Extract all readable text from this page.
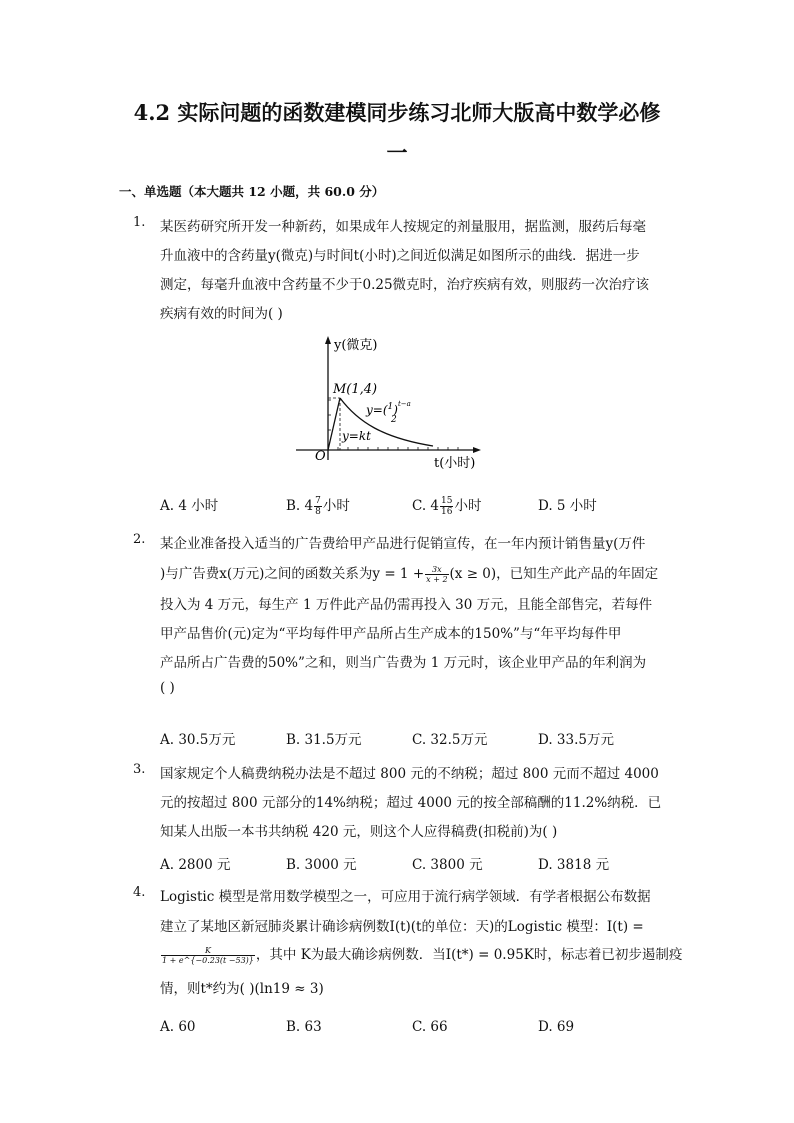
4.2 实际问题的函数建模同步练习北师大版高中数学必修
一
一、单选题（本大题共 12 小题，共 60.0 分）
1.	某医药研究所开发一种新药，如果成年人按规定的剂量服用，据监测，服药后每毫
升血液中的含药量y(微克)与时间t(小时)之间近似满足如图所示的曲线．据进一步
测定，每毫升血液中含药量不少于0.25微克时，治疗疾病有效，则服药一次治疗该
疾病有效的时间为( )
y(微克)
M(1,4)
$y=(^1)^{t-a}$
2
y=kt
O	t(小时)
A. 4 小时	B. $4 \frac{7}{8}$ 小时	C. $4 \frac{15}{16}$ 小时	D. 5 小时
2.	某企业准备投入适当的广告费给甲产品进行促销宣传，在一年内预计销售量y(万件
)与广告费x(万元)之间的函数关系为$y = 1 + \frac{3x}{x + 2} (x \ge 0)$，已知生产此产品的年固定
投入为 4 万元，每生产 1 万件此产品仍需再投入 30 万元，且能全部售完，若每件
甲产品售价(元)定为“平均每件甲产品所占生产成本的150%”与“年平均每件甲
产品所占广告费的50%”之和，则当广告费为 1 万元时，该企业甲产品的年利润为
( )
A. 30.5万元	B. 31.5万元	C. 32.5万元	D. 33.5万元
3.	国家规定个人稿费纳税办法是不超过 800 元的不纳税；超过 800 元而不超过 4000
元的按超过 800 元部分的14%纳税；超过 4000 元的按全部稿酬的11.2%纳税．已
知某人出版一本书共纳税 420 元，则这个人应得稿费(扣税前)为( )
A. 2800 元	B. 3000 元	C. 3800 元	D. 3818 元
4.	Logistic 模型是常用数学模型之一，可应用于流行病学领域．有学者根据公布数据
建立了某地区新冠肺炎累计确诊病例数I(t)(t的单位：天)的Logistic 模型：I(t) =
$\frac{K}{1 + e\^{}\{-0.23(t -53)\}}$ ，其中 K为最大确诊病例数．当I(t*) = 0.95K时，标志着已初步遏制疫
情，则t*约为( )(ln19 ≈ 3)
A. 60	B. 63	C. 66	D. 69
